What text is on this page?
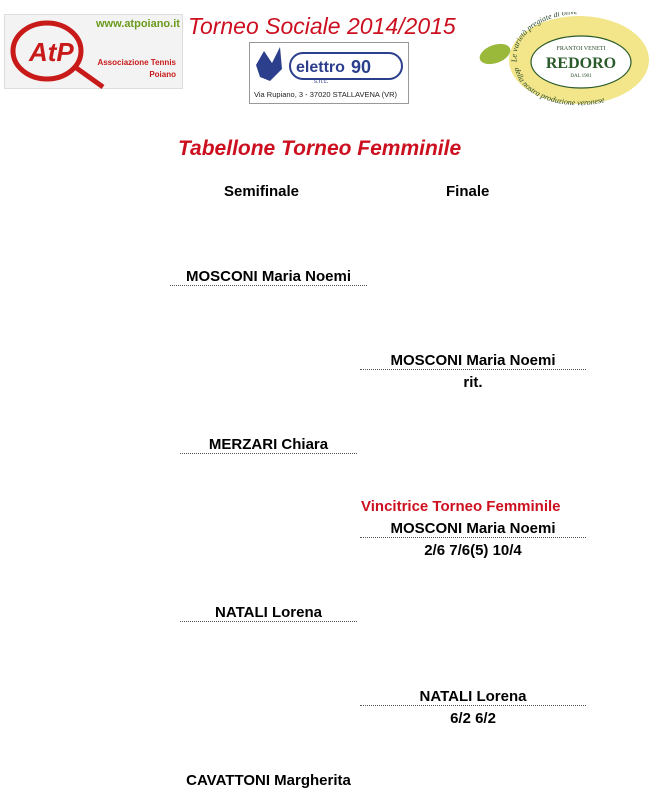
AtP
www.atpoiano.it
Associazione Tennis
Poiano
Torneo Sociale 2014/2015
elettro 90
s.n.c.
Via Rupiano, 3 - 37020 STALLAVENA (VR)
Le varietà pregiate di ol
della nostra produzione veronese
FRANTOI VENETI
REDORO
DAL 1901
Tabellone Torneo Femminile
Semifinale	Finale
MOSCONI Maria Noemi
MERZARI Chiara
NATALI Lorena
CAVATTONI Margherita
MOSCONI Maria Noemi
rit.
Vincitrice Torneo Femminile
MOSCONI Maria Noemi
2/6 7/6(5) 10/4
NATALI Lorena
6/2 6/2
